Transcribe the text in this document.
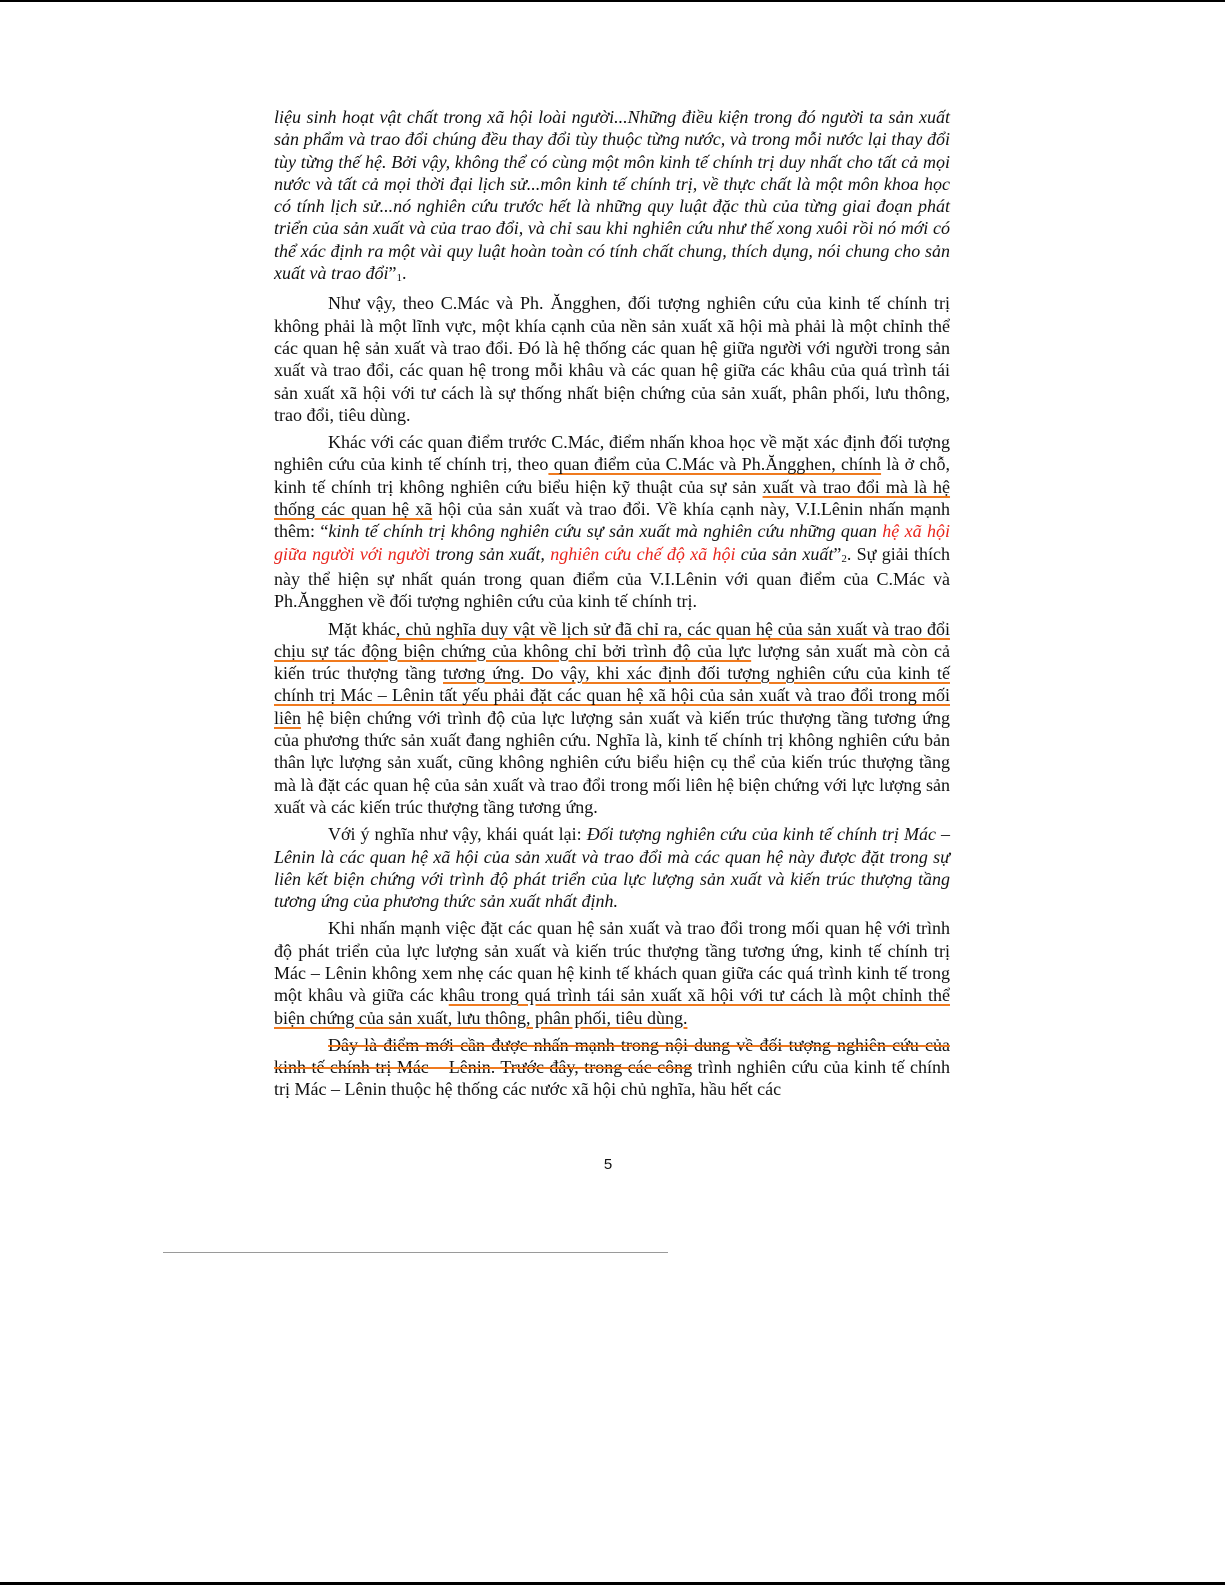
liệu sinh hoạt vật chất trong xã hội loài người...Những điều kiện trong đó người ta sản xuất sản phẩm và trao đổi chúng đều thay đổi tùy thuộc từng nước, và trong mỗi nước lại thay đổi tùy từng thế hệ. Bởi vậy, không thể có cùng một môn kinh tế chính trị duy nhất cho tất cả mọi nước và tất cả mọi thời đại lịch sử...môn kinh tế chính trị, về thực chất là một môn khoa học có tính lịch sử...nó nghiên cứu trước hết là những quy luật đặc thù của từng giai đoạn phát triển của sản xuất và của trao đổi, và chỉ sau khi nghiên cứu như thế xong xuôi rồi nó mới có thể xác định ra một vài quy luật hoàn toàn có tính chất chung, thích dụng, nói chung cho sản xuất và trao đổi”1.

Như vậy, theo C.Mác và Ph. Ăngghen, đối tượng nghiên cứu của kinh tế chính trị không phải là một lĩnh vực, một khía cạnh của nền sản xuất xã hội mà phải là một chỉnh thể các quan hệ sản xuất và trao đổi. Đó là hệ thống các quan hệ giữa người với người trong sản xuất và trao đổi, các quan hệ trong mỗi khâu và các quan hệ giữa các khâu của quá trình tái sản xuất xã hội với tư cách là sự thống nhất biện chứng của sản xuất, phân phối, lưu thông, trao đổi, tiêu dùng.

Khác với các quan điểm trước C.Mác, điểm nhấn khoa học về mặt xác định đối tượng nghiên cứu của kinh tế chính trị, theo quan điểm của C.Mác và Ph.Ăngghen, chính là ở chỗ, kinh tế chính trị không nghiên cứu biểu hiện kỹ thuật của sự sản xuất và trao đổi mà là hệ thống các quan hệ xã hội của sản xuất và trao đổi. Về khía cạnh này, V.I.Lênin nhấn mạnh thêm: “kinh tế chính trị không nghiên cứu sự sản xuất mà nghiên cứu những quan hệ xã hội giữa người với người trong sản xuất, nghiên cứu chế độ xã hội của sản xuất”2. Sự giải thích này thể hiện sự nhất quán trong quan điểm của V.I.Lênin với quan điểm của C.Mác và Ph.Ăngghen về đối tượng nghiên cứu của kinh tế chính trị.

Mặt khác, chủ nghĩa duy vật về lịch sử đã chỉ ra, các quan hệ của sản xuất và trao đổi chịu sự tác động biện chứng của không chỉ bởi trình độ của lực lượng sản xuất mà còn cả kiến trúc thượng tầng tương ứng. Do vậy, khi xác định đối tượng nghiên cứu của kinh tế chính trị Mác – Lênin tất yếu phải đặt các quan hệ xã hội của sản xuất và trao đổi trong mối liên hệ biện chứng với trình độ của lực lượng sản xuất và kiến trúc thượng tầng tương ứng của phương thức sản xuất đang nghiên cứu. Nghĩa là, kinh tế chính trị không nghiên cứu bản thân lực lượng sản xuất, cũng không nghiên cứu biểu hiện cụ thể của kiến trúc thượng tầng mà là đặt các quan hệ của sản xuất và trao đổi trong mối liên hệ biện chứng với lực lượng sản xuất và các kiến trúc thượng tầng tương ứng.

Với ý nghĩa như vậy, khái quát lại: Đối tượng nghiên cứu của kinh tế chính trị Mác – Lênin là các quan hệ xã hội của sản xuất và trao đổi mà các quan hệ này được đặt trong sự liên kết biện chứng với trình độ phát triển của lực lượng sản xuất và kiến trúc thượng tầng tương ứng của phương thức sản xuất nhất định.

Khi nhấn mạnh việc đặt các quan hệ sản xuất và trao đổi trong mối quan hệ với trình độ phát triển của lực lượng sản xuất và kiến trúc thượng tầng tương ứng, kinh tế chính trị Mác – Lênin không xem nhẹ các quan hệ kinh tế khách quan giữa các quá trình kinh tế trong một khâu và giữa các khâu trong quá trình tái sản xuất xã hội với tư cách là một chỉnh thể biện chứng của sản xuất, lưu thông, phân phối, tiêu dùng.

Đây là điểm mới cần được nhấn mạnh trong nội dung về đối tượng nghiên cứu của kinh tế chính trị Mác – Lênin. Trước đây, trong các công trình nghiên cứu của kinh tế chính trị Mác – Lênin thuộc hệ thống các nước xã hội chủ nghĩa, hầu hết các

5
